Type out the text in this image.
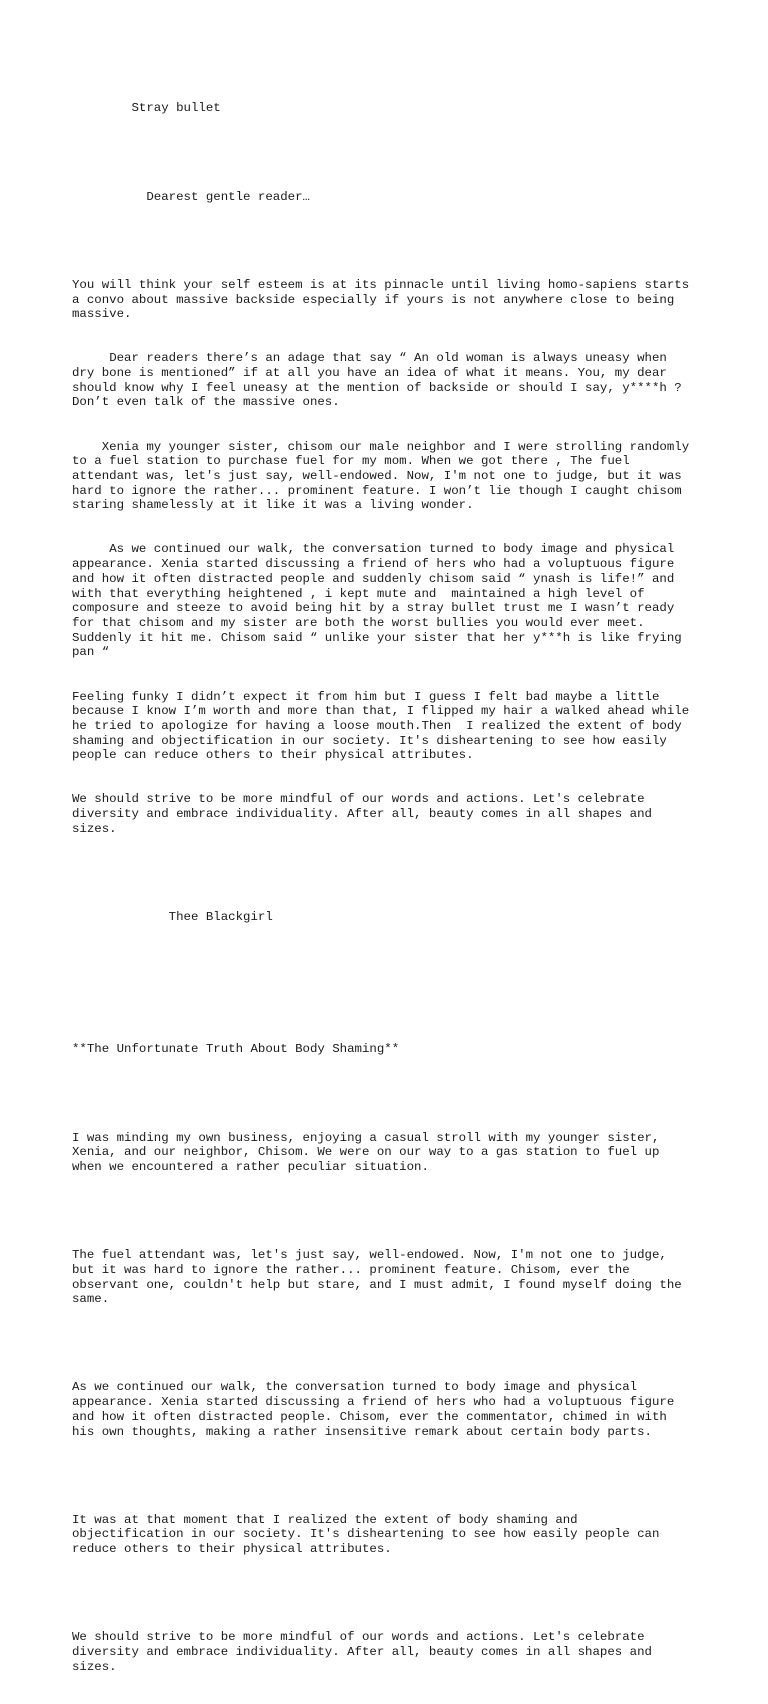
Stray bullet

Dearest gentle reader…

You will think your self esteem is at its pinnacle until living homo-sapiens starts
a convo about massive backside especially if yours is not anywhere close to being
massive.

Dear readers there’s an adage that say “ An old woman is always uneasy when
dry bone is mentioned” if at all you have an idea of what it means. You, my dear
should know why I feel uneasy at the mention of backside or should I say, y****h ?
Don’t even talk of the massive ones.

Xenia my younger sister, chisom our male neighbor and I were strolling randomly
to a fuel station to purchase fuel for my mom. When we got there , The fuel
attendant was, let's just say, well-endowed. Now, I'm not one to judge, but it was
hard to ignore the rather... prominent feature. I won’t lie though I caught chisom
staring shamelessly at it like it was a living wonder.

As we continued our walk, the conversation turned to body image and physical
appearance. Xenia started discussing a friend of hers who had a voluptuous figure
and how it often distracted people and suddenly chisom said “ ynash is life!” and
with that everything heightened , i kept mute and  maintained a high level of
composure and steeze to avoid being hit by a stray bullet trust me I wasn’t ready
for that chisom and my sister are both the worst bullies you would ever meet.
Suddenly it hit me. Chisom said “ unlike your sister that her y***h is like frying
pan “

Feeling funky I didn’t expect it from him but I guess I felt bad maybe a little
because I know I’m worth and more than that, I flipped my hair a walked ahead while
he tried to apologize for having a loose mouth.Then  I realized the extent of body
shaming and objectification in our society. It's disheartening to see how easily
people can reduce others to their physical attributes.

We should strive to be more mindful of our words and actions. Let's celebrate
diversity and embrace individuality. After all, beauty comes in all shapes and
sizes.

Thee Blackgirl

**The Unfortunate Truth About Body Shaming**

I was minding my own business, enjoying a casual stroll with my younger sister,
Xenia, and our neighbor, Chisom. We were on our way to a gas station to fuel up
when we encountered a rather peculiar situation.

The fuel attendant was, let's just say, well-endowed. Now, I'm not one to judge,
but it was hard to ignore the rather... prominent feature. Chisom, ever the
observant one, couldn't help but stare, and I must admit, I found myself doing the
same.

As we continued our walk, the conversation turned to body image and physical
appearance. Xenia started discussing a friend of hers who had a voluptuous figure
and how it often distracted people. Chisom, ever the commentator, chimed in with
his own thoughts, making a rather insensitive remark about certain body parts.

It was at that moment that I realized the extent of body shaming and
objectification in our society. It's disheartening to see how easily people can
reduce others to their physical attributes.

We should strive to be more mindful of our words and actions. Let's celebrate
diversity and embrace individuality. After all, beauty comes in all shapes and
sizes.
